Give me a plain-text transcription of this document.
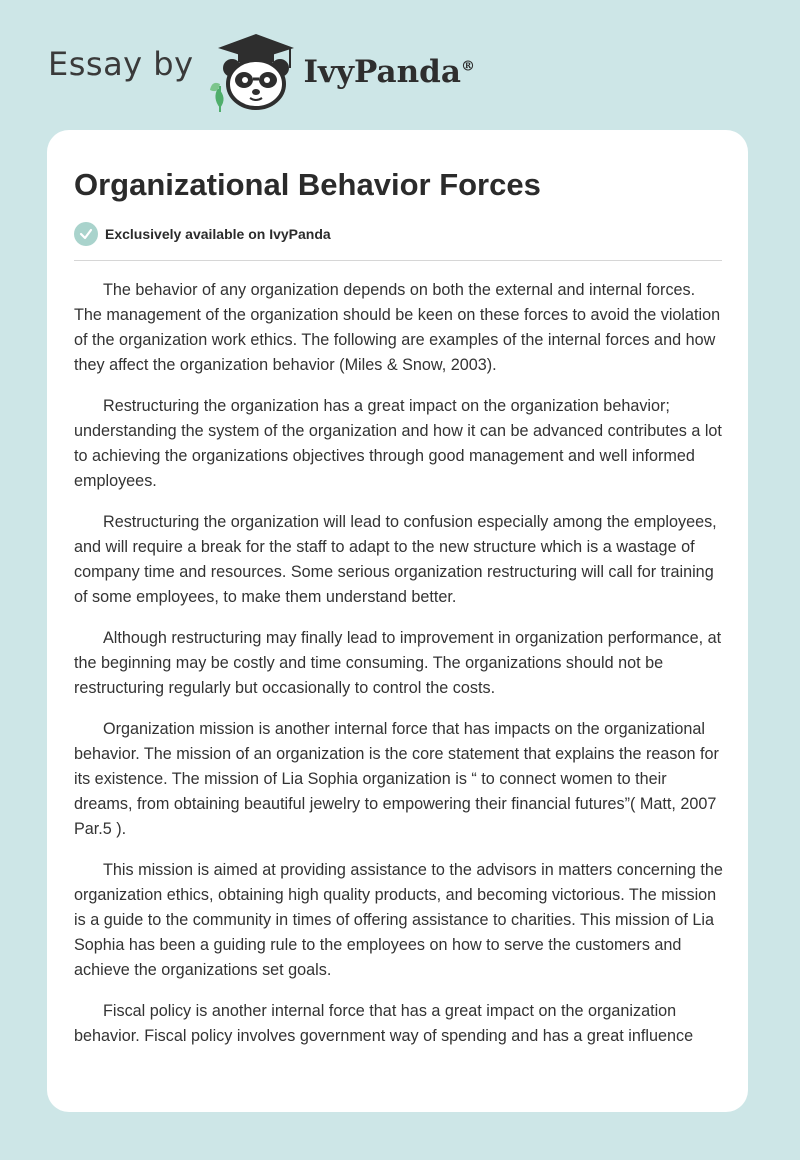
Essay by	IvyPanda®
Organizational Behavior Forces
Exclusively available on IvyPanda

The behavior of any organization depends on both the external and internal forces. The management of the organization should be keen on these forces to avoid the violation of the organization work ethics. The following are examples of the internal forces and how they affect the organization behavior (Miles & Snow, 2003).

Restructuring the organization has a great impact on the organization behavior; understanding the system of the organization and how it can be advanced contributes a lot to achieving the organizations objectives through good management and well informed employees.

Restructuring the organization will lead to confusion especially among the employees, and will require a break for the staff to adapt to the new structure which is a wastage of company time and resources. Some serious organization restructuring will call for training of some employees, to make them understand better.

Although restructuring may finally lead to improvement in organization performance, at the beginning may be costly and time consuming. The organizations should not be restructuring regularly but occasionally to control the costs.

Organization mission is another internal force that has impacts on the organizational behavior. The mission of an organization is the core statement that explains the reason for its existence. The mission of Lia Sophia organization is “ to connect women to their dreams, from obtaining beautiful jewelry to empowering their financial futures”( Matt, 2007 Par.5 ).

This mission is aimed at providing assistance to the advisors in matters concerning the organization ethics, obtaining high quality products, and becoming victorious. The mission is a guide to the community in times of offering assistance to charities. This mission of Lia Sophia has been a guiding rule to the employees on how to serve the customers and achieve the organizations set goals.

Fiscal policy is another internal force that has a great impact on the organization behavior. Fiscal policy involves government way of spending and has a great influence
